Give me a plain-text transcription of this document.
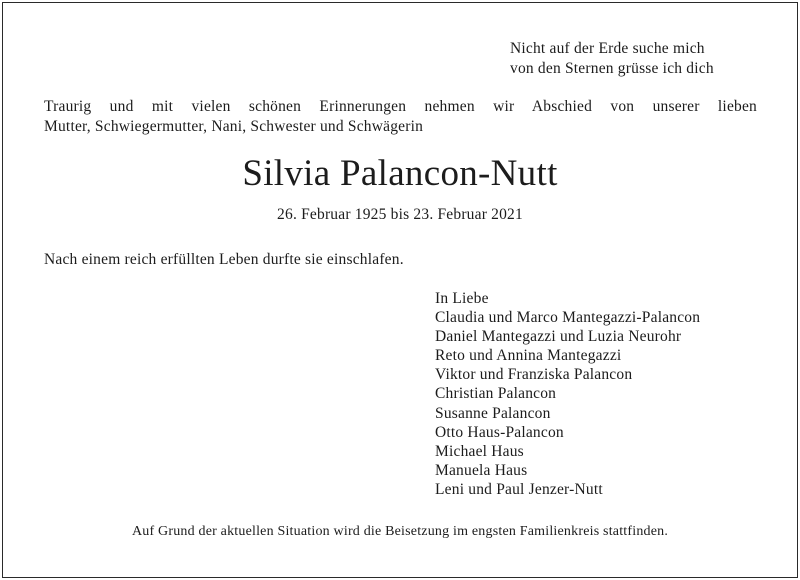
Nicht auf der Erde suche mich
von den Sternen grüsse ich dich
Traurig und mit vielen schönen Erinnerungen nehmen wir Abschied von unserer lieben
Mutter, Schwiegermutter, Nani, Schwester und Schwägerin
Silvia Palancon-Nutt
26. Februar 1925 bis 23. Februar 2021
Nach einem reich erfüllten Leben durfte sie einschlafen.
In Liebe
Claudia und Marco Mantegazzi-Palancon
Daniel Mantegazzi und Luzia Neurohr
Reto und Annina Mantegazzi
Viktor und Franziska Palancon
Christian Palancon
Susanne Palancon
Otto Haus-Palancon
Michael Haus
Manuela Haus
Leni und Paul Jenzer-Nutt
Auf Grund der aktuellen Situation wird die Beisetzung im engsten Familienkreis stattfinden.
